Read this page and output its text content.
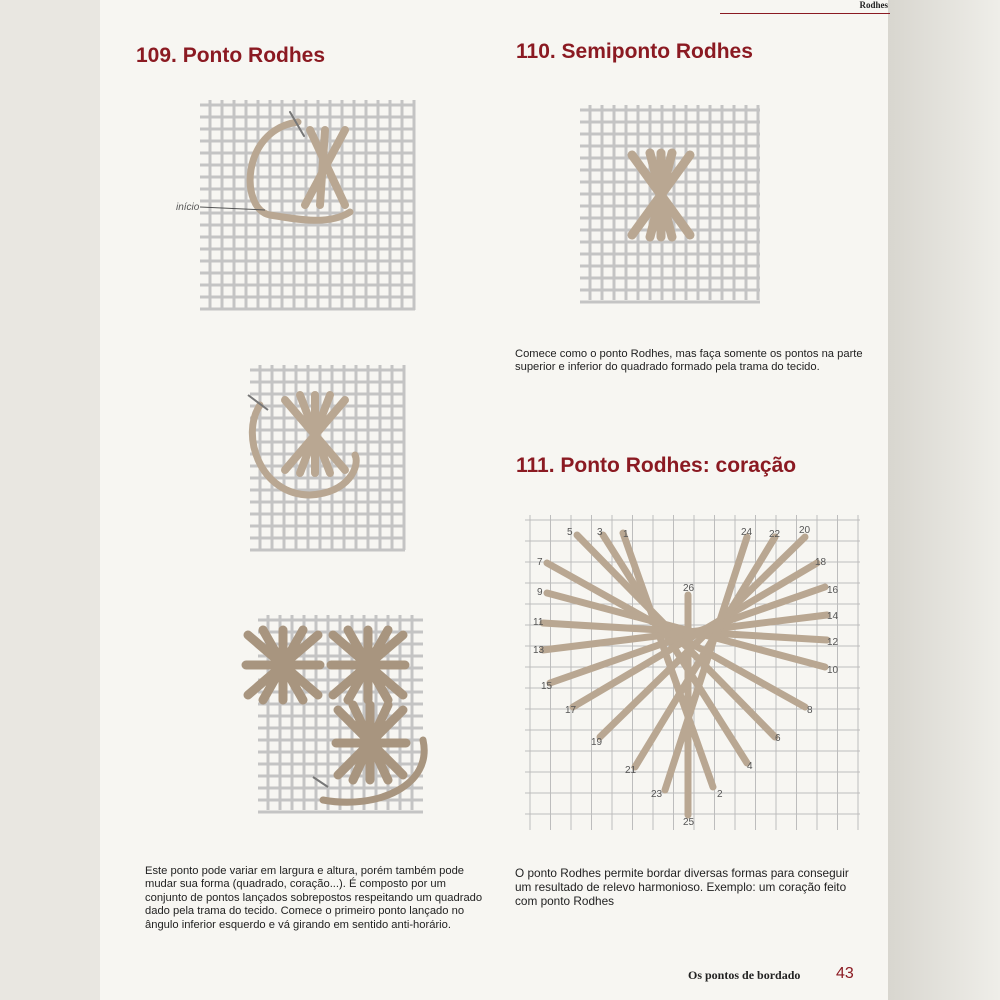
Rodhes
109. Ponto Rodhes	110. Semiponto Rodhes
111. Ponto Rodhes: coração
início
1
2
3
4
5
6
7
8
9
10
11
12
13
14
15
16
17
18
19
20
21
22
23
24
25
26
Este ponto pode variar em largura e altura, porém também pode mudar sua forma (quadrado, coração...). É composto por um conjunto de pontos lançados sobrepostos respeitando um quadrado dado pela trama do tecido. Comece o primeiro ponto lançado no ângulo inferior esquerdo e vá girando em sentido anti-horário.
Comece como o ponto Rodhes, mas faça somente os pontos na parte superior e inferior do quadrado formado pela trama do tecido.
O ponto Rodhes permite bordar diversas formas para conseguir um resultado de relevo harmonioso. Exemplo: um coração feito com ponto Rodhes
Os pontos de bordado 43
